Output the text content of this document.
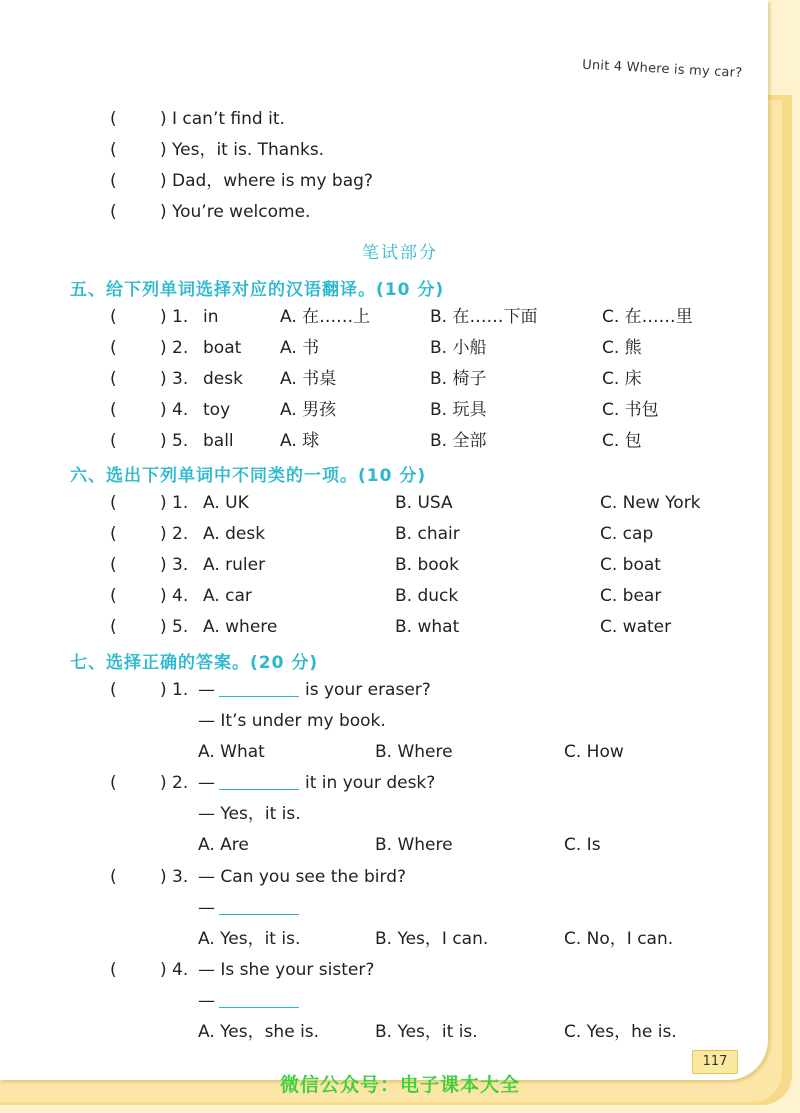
Unit 4 Where is my car?
(	) I can’t find it.
(	) Yes，it is. Thanks.
(	) Dad，where is my bag?
(	) You’re welcome.
笔试部分
五、给下列单词选择对应的汉语翻译。(10 分)
(	) 1. in	A. 在……上	B. 在……下面	C. 在……里
(	) 2. boat A. 书	B. 小船	C. 熊
(	) 3. desk A. 书桌	B. 椅子	C. 床
(	) 4. toy	A. 男孩	B. 玩具	C. 书包
(	) 5. ball	A. 球	B. 全部	C. 包
六、选出下列单词中不同类的一项。(10 分)
(	) 1. A. UK	B. USA	C. New York
(	) 2. A. desk	B. chair	C. cap
(	) 3. A. ruler	B. book	C. boat
(	) 4. A. car	B. duck	C. bear
(	) 5. A. where	B. what	C. water
七、选择正确的答案。(20 分)
(	) 1. —	is your eraser?
— It’s under my book.
A. What	B. Where	C. How
(	) 2. —	it in your desk?
— Yes，it is.
A. Are	B. Where	C. Is
(	) 3. — Can you see the bird?
—
A. Yes，it is.	B. Yes，I can.	C. No，I can.
(	) 4. — Is she your sister?
—
A. Yes，she is.	B. Yes，it is.	C. Yes，he is.
117
微信公众号：电子课本大全
